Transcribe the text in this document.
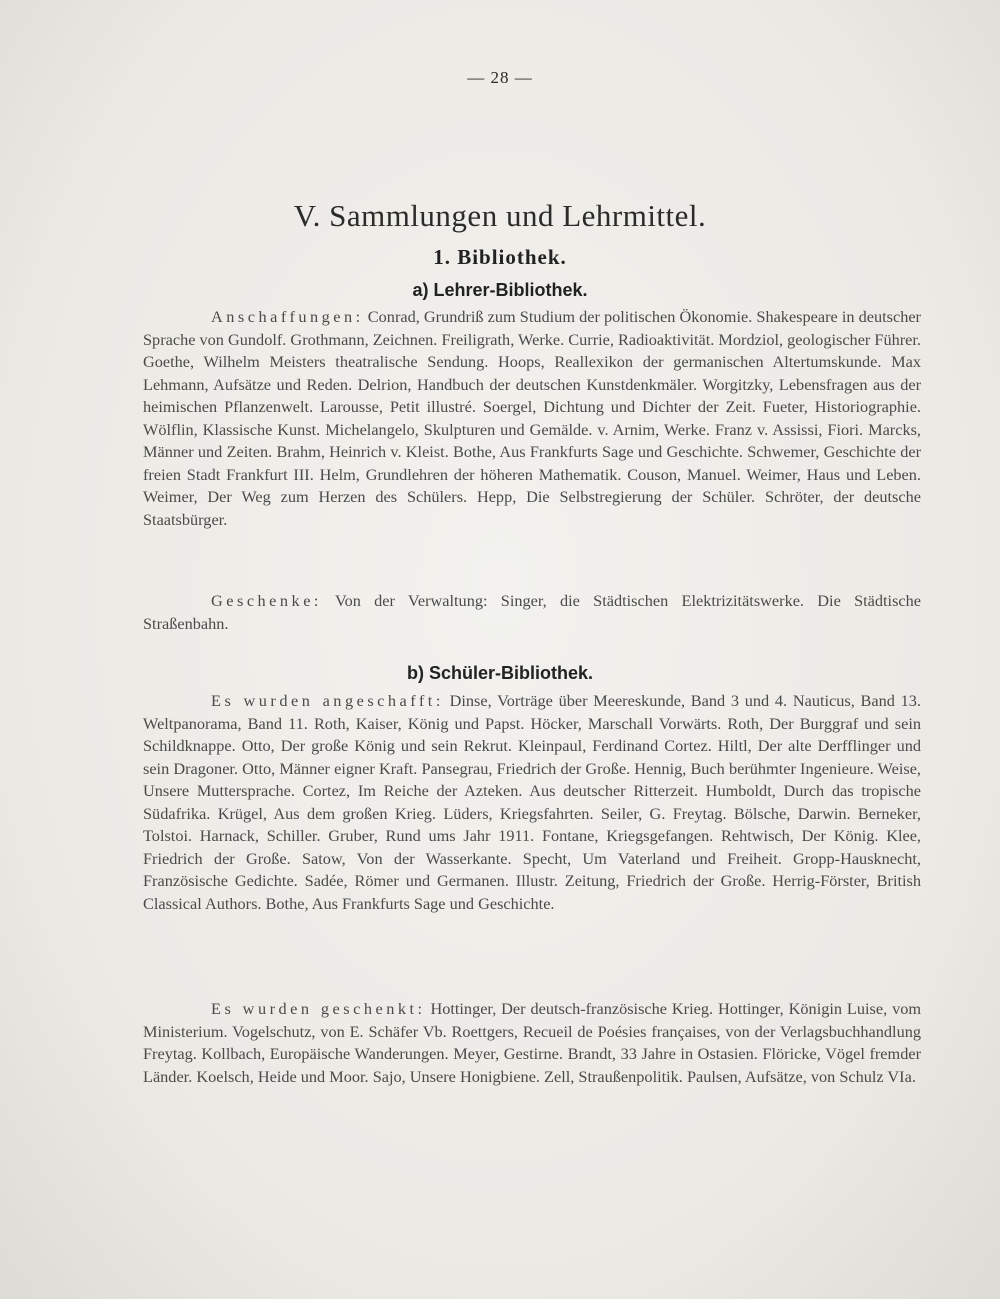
— 28 —
V. Sammlungen und Lehrmittel.
1. Bibliothek.
a) Lehrer-Bibliothek.

Anschaffungen: Conrad, Grundriß zum Studium der politischen Ökonomie. Shakespeare in deutscher Sprache von Gundolf. Grothmann, Zeichnen. Freiligrath, Werke. Currie, Radioaktivität. Mordziol, geologischer Führer. Goethe, Wilhelm Meisters theatralische Sendung. Hoops, Reallexikon der germanischen Altertumskunde. Max Lehmann, Aufsätze und Reden. Delrion, Handbuch der deutschen Kunstdenkmäler. Worgitzky, Lebensfragen aus der heimischen Pflanzenwelt. Larousse, Petit illustré. Soergel, Dichtung und Dichter der Zeit. Fueter, Historiographie. Wölflin, Klassische Kunst. Michelangelo, Skulpturen und Gemälde. v. Arnim, Werke. Franz v. Assissi, Fiori. Marcks, Männer und Zeiten. Brahm, Heinrich v. Kleist. Bothe, Aus Frankfurts Sage und Geschichte. Schwemer, Geschichte der freien Stadt Frankfurt III. Helm, Grundlehren der höheren Mathematik. Couson, Manuel. Weimer, Haus und Leben. Weimer, Der Weg zum Herzen des Schülers. Hepp, Die Selbstregierung der Schüler. Schröter, der deutsche Staatsbürger.

Geschenke: Von der Verwaltung: Singer, die Städtischen Elektrizitätswerke. Die Städtische Straßenbahn.

b) Schüler-Bibliothek.

Es wurden angeschafft: Dinse, Vorträge über Meereskunde, Band 3 und 4. Nauticus, Band 13. Weltpanorama, Band 11. Roth, Kaiser, König und Papst. Höcker, Marschall Vorwärts. Roth, Der Burggraf und sein Schildknappe. Otto, Der große König und sein Rekrut. Kleinpaul, Ferdinand Cortez. Hiltl, Der alte Derfflinger und sein Dragoner. Otto, Männer eigner Kraft. Pansegrau, Friedrich der Große. Hennig, Buch berühmter Ingenieure. Weise, Unsere Muttersprache. Cortez, Im Reiche der Azteken. Aus deutscher Ritterzeit. Humboldt, Durch das tropische Südafrika. Krügel, Aus dem großen Krieg. Lüders, Kriegsfahrten. Seiler, G. Freytag. Bölsche, Darwin. Berneker, Tolstoi. Harnack, Schiller. Gruber, Rund ums Jahr 1911. Fontane, Kriegsgefangen. Rehtwisch, Der König. Klee, Friedrich der Große. Satow, Von der Wasserkante. Specht, Um Vaterland und Freiheit. Gropp-Hausknecht, Französische Gedichte. Sadée, Römer und Germanen. Illustr. Zeitung, Friedrich der Große. Herrig-Förster, British Classical Authors. Bothe, Aus Frankfurts Sage und Geschichte.

Es wurden geschenkt: Hottinger, Der deutsch-französische Krieg. Hottinger, Königin Luise, vom Ministerium. Vogelschutz, von E. Schäfer Vb. Roettgers, Recueil de Poésies françaises, von der Verlagsbuchhandlung Freytag. Kollbach, Europäische Wanderungen. Meyer, Gestirne. Brandt, 33 Jahre in Ostasien. Flöricke, Vögel fremder Länder. Koelsch, Heide und Moor. Sajo, Unsere Honigbiene. Zell, Straußenpolitik. Paulsen, Aufsätze, von Schulz VIa.
